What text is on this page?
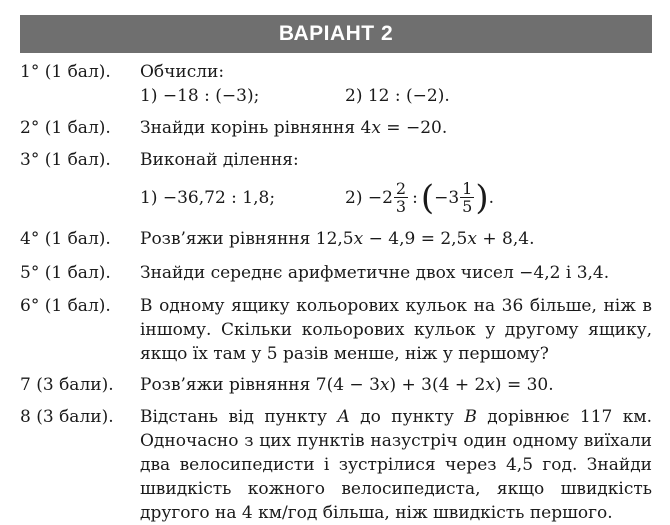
ВАРІАНТ 2
1° (1 бал). Обчисли:
1) −18 : (−3);	2) 12 : (−2).
2° (1 бал). Знайди корінь рівняння 4x = −20.
3° (1 бал). Виконай ділення:
1) −36,72 : 1,8;	$2) -2 \frac{2}{3}$ : ( $-3 \frac{1}{5}$ ) .
4° (1 бал). Розв’яжи рівняння 12,5x − 4,9 = 2,5x + 8,4.
5° (1 бал). Знайди середнє арифметичне двох чисел −4,2 і 3,4.
6° (1 бал). В одному ящику кольорових кульок на 36 більше, ніж в іншому. Скільки кольорових кульок у другому ящику, якщо їх там у 5 разів менше, ніж у першому?
7 (3 бали). Розв’яжи рівняння 7(4 − 3x) + 3(4 + 2x) = 30.
8 (3 бали). Відстань від пункту A до пункту B дорівнює 117 км. Одночасно з цих пунктів назустріч один одному виїхали два велосипедисти і зустрілися через 4,5 год. Знайди швидкість кожного велосипедиста, якщо швидкість другого на 4 км/год більша, ніж швидкість першого.
